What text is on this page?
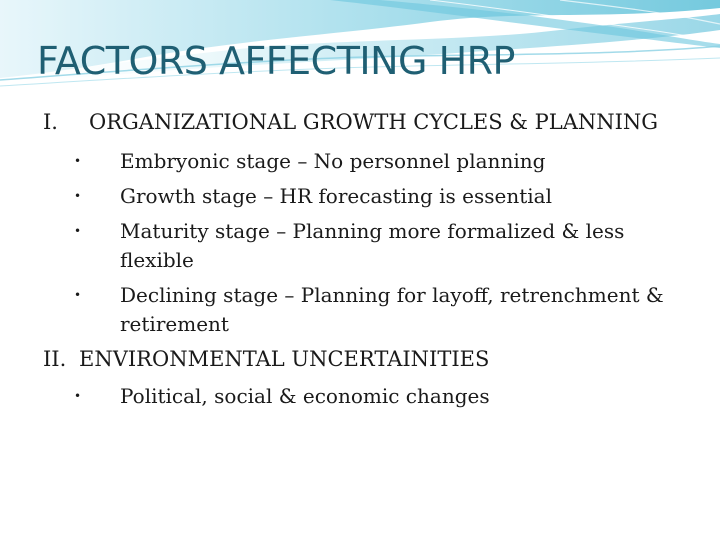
FACTORS AFFECTING HRP
I.	ORGANIZATIONAL GROWTH CYCLES & PLANNING
•	Embryonic stage – No personnel planning
•	Growth stage – HR forecasting is essential
•	Maturity stage – Planning more formalized & less flexible
•	Declining stage – Planning for layoff, retrenchment & retirement
II. ENVIRONMENTAL UNCERTAINITIES
•	Political, social & economic changes
